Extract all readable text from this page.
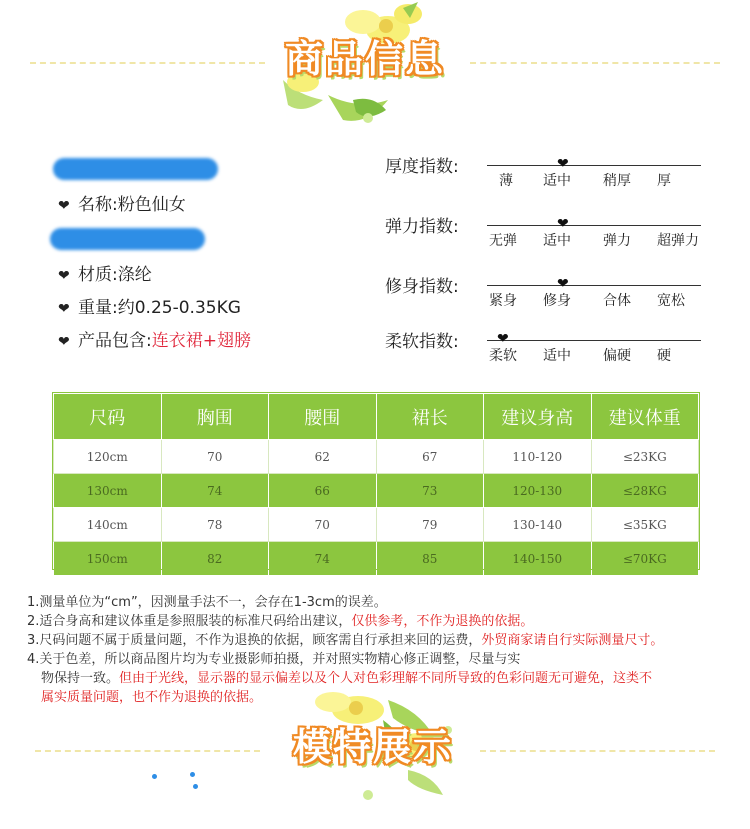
商品信息
❤ 名称:粉色仙女
❤ 材质:涤纶
❤ 重量:约0.25-0.35KG
❤ 产品包含:连衣裙+翅膀
厚度指数:	❤
薄 适中 稍厚 厚
弹力指数:	❤
无弹 适中 弹力 超弹力
修身指数:	❤
紧身 修身 合体 宽松
柔软指数:	❤
柔软 适中 偏硬 硬
尺码	胸围	腰围	裙长	建议身高	建议体重
120cm	70	62	67	110-120	≤23KG
130cm	74	66	73	120-130	≤28KG
140cm	78	70	79	130-140	≤35KG
150cm	82	74	85	140-150	≤70KG
1.测量单位为“cm”，因测量手法不一，会存在1-3cm的误差。
2.适合身高和建议体重是参照服装的标准尺码给出建议，仅供参考，不作为退换的依据。
3.尺码问题不属于质量问题，不作为退换的依据，顾客需自行承担来回的运费，外贸商家请自行实际测量尺寸。
4.关于色差，所以商品图片均为专业摄影师拍摄，并对照实物精心修正调整，尽量与实
物保持一致。但由于光线，显示器的显示偏差以及个人对色彩理解不同所导致的色彩问题无可避免，这类不
属实质量问题，也不作为退换的依据。
模特展示
